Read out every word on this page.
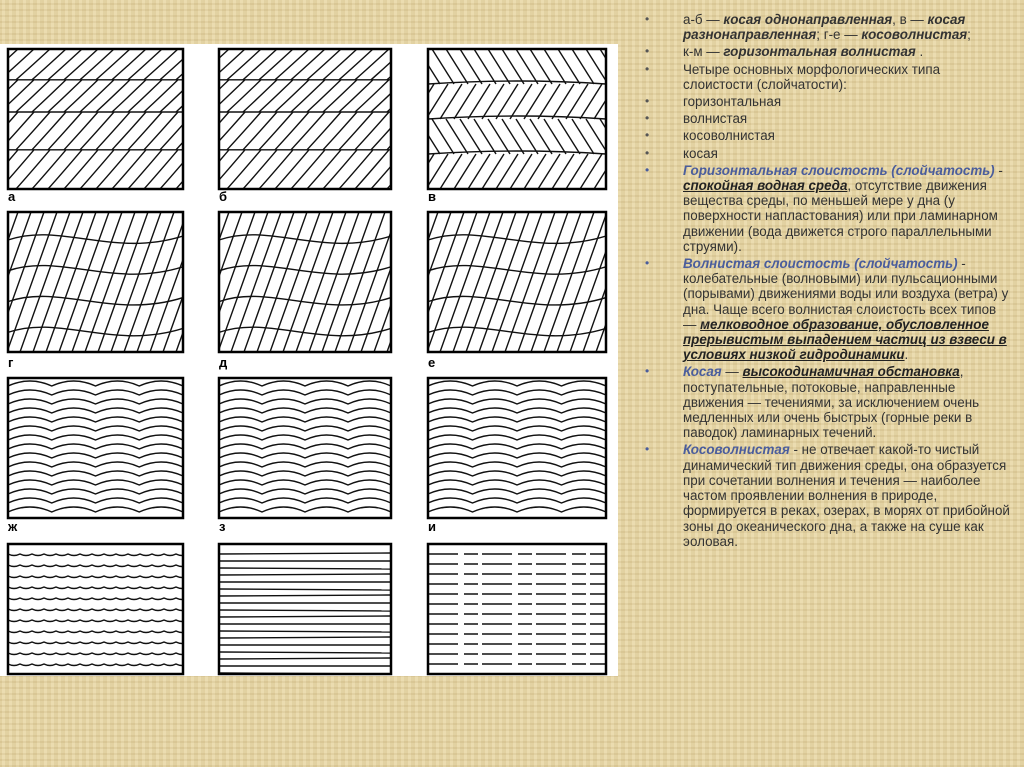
а	б	в
г	д	е
ж	з	и
•	а-б — косая однонаправленная, в — косая разнонаправленная; г-е — косоволнистая;
•	к-м — горизонтальная волнистая .
•	Четыре основных морфологических типа слоистости (слойчатости):
•	горизонтальная
•	волнистая
•	косоволнистая
•	косая
•	Горизонтальная слоистость (слойчатость) - спокойная водная среда, отсутствие движения вещества среды, по меньшей мере у дна (у поверхности напластования) или при ламинарном движении (вода движется строго параллельными струями).
•	Волнистая слоистость (слойчатость) - колебательные (волновыми) или пульсационными (порывами) движениями воды или воздуха (ветра) у дна. Чаще всего волнистая слоистость всех типов — мелководное образование, обусловленное прерывистым выпадением частиц из взвеси в условиях низкой гидродинамики.
•	Косая — высокодинамичная обстановка, поступательные, потоковые, направленные движения — течениями, за исключением очень медленных или очень быстрых (горные реки в паводок) ламинарных течений.
•	Косоволнистая - не отвечает какой-то чистый динамический тип движения среды, она образуется при сочетании волнения и течения — наиболее частом проявлении волнения в природе, формируется в реках, озерах, в морях от прибойной зоны до океанического дна, а также на суше как эоловая.
